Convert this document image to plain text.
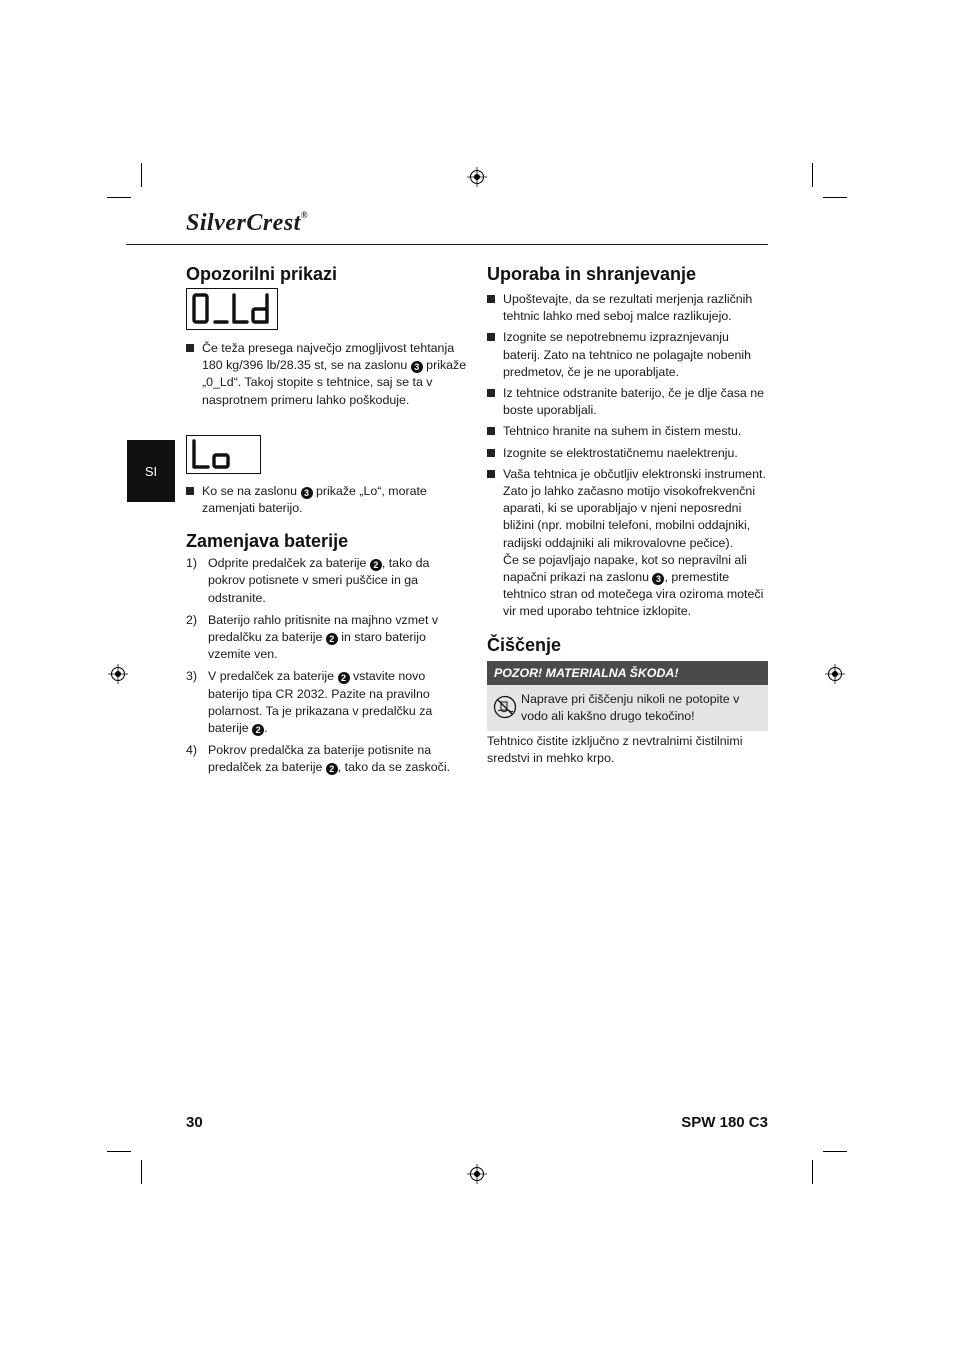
SilverCrest®
SI
Opozorilni prikazi
Če teža presega največjo zmogljivost tehtanja 180 kg/396 lb/28.35 st, se na zaslonu 3 prikaže „0_Ld“. Takoj stopite s tehtnice, saj se ta v nasprotnem primeru lahko poškoduje.
Ko se na zaslonu 3 prikaže „Lo“, morate zamenjati baterijo.
Zamenjava baterije
1) Odprite predalček za baterije 2 , tako da pokrov potisnete v smeri puščice in ga odstranite.
2) Baterijo rahlo pritisnite na majhno vzmet v predalčku za baterije 2 in staro baterijo vzemite ven.
3) V predalček za baterije 2 vstavite novo baterijo tipa CR 2032. Pazite na pravilno polarnost. Ta je prikazana v predalčku za baterije 2 .
4) Pokrov predalčka za baterije potisnite na predalček za baterije 2 , tako da se zaskoči.
Uporaba in shranjevanje
Upoštevajte, da se rezultati merjenja različnih tehtnic lahko med seboj malce razlikujejo.
Izognite se nepotrebnemu izpraznjevanju baterij. Zato na tehtnico ne polagajte nobenih predmetov, če je ne uporabljate.
Iz tehtnice odstranite baterijo, če je dlje časa ne boste uporabljali.
Tehtnico hranite na suhem in čistem mestu.
Izognite se elektrostatičnemu naelektrenju.
Vaša tehtnica je občutljiv elektronski instrument. Zato jo lahko začasno motijo visokofrekvenčni aparati, ki se uporabljajo v njeni neposredni bližini (npr. mobilni telefoni, mobilni oddajniki, radijski oddajniki ali mikrovalovne pečice).
Če se pojavljajo napake, kot so nepravilni ali napačni prikazi na zaslonu 3 , premestite tehtnico stran od motečega vira oziroma moteči vir med uporabo tehtnice izklopite.
Čiščenje
POZOR! MATERIALNA ŠKODA!
Naprave pri čiščenju nikoli ne potopite v vodo ali kakšno drugo tekočino!

Tehtnico čistite izključno z nevtralnimi čistilnimi sredstvi in mehko krpo.

30	SPW 180 C3
